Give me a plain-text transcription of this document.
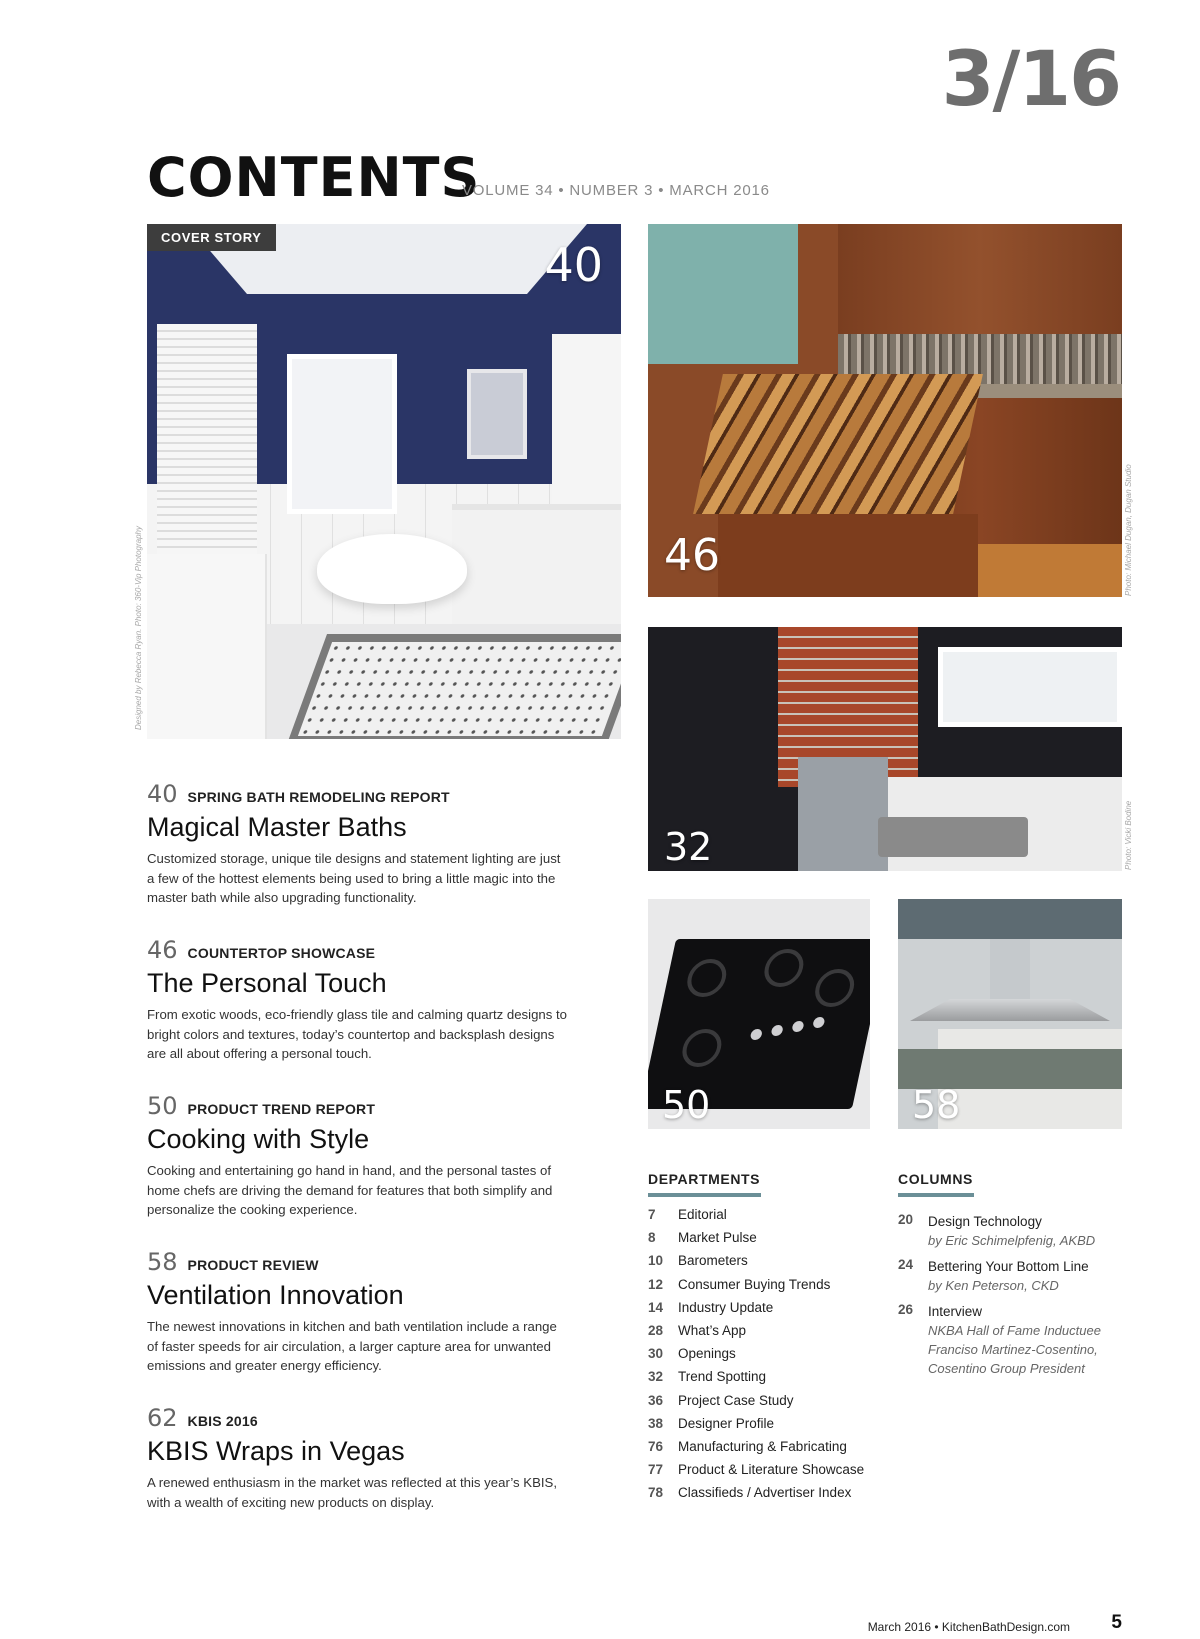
3/16
CONTENTS
VOLUME 34 • NUMBER 3 • MARCH 2016
COVER STORY
40
Designed by Rebecca Ryan. Photo: 360-Vip Photography	46	Photo: Michael Dugan, Dugan Studio
32	Photo: Vicki Bodine
50	58
40 SPRING BATH REMODELING REPORT
Magical Master Baths
Customized storage, unique tile designs and statement lighting are just a few of the hottest elements being used to bring a little magic into the master bath while also upgrading functionality.
46 COUNTERTOP SHOWCASE
The Personal Touch
From exotic woods, eco-friendly glass tile and calming quartz designs to bright colors and textures, today’s countertop and backsplash designs are all about offering a personal touch.
50 PRODUCT TREND REPORT
Cooking with Style
Cooking and entertaining go hand in hand, and the personal tastes of home chefs are driving the demand for features that both simplify and personalize the cooking experience.
58 PRODUCT REVIEW
Ventilation Innovation
The newest innovations in kitchen and bath ventilation include a range of faster speeds for air circulation, a larger capture area for unwanted emissions and greater energy efficiency.
62 KBIS 2016
KBIS Wraps in Vegas
A renewed enthusiasm in the market was reflected at this year’s KBIS, with a wealth of exciting new products on display.
DEPARTMENTS
7	Editorial
8	Market Pulse
10	Barometers
12	Consumer Buying Trends
14	Industry Update
28	What’s App
30	Openings
32	Trend Spotting
36	Project Case Study
38	Designer Profile
76	Manufacturing & Fabricating
77	Product & Literature Showcase
78	Classifieds / Advertiser Index
COLUMNS
20	Design Technology
by Eric Schimelpfenig, AKBD
24	Bettering Your Bottom Line
by Ken Peterson, CKD
26	Interview
NKBA Hall of Fame Inductuee
Franciso Martinez-Cosentino,
Cosentino Group President
March 2016 • KitchenBathDesign.com 5
